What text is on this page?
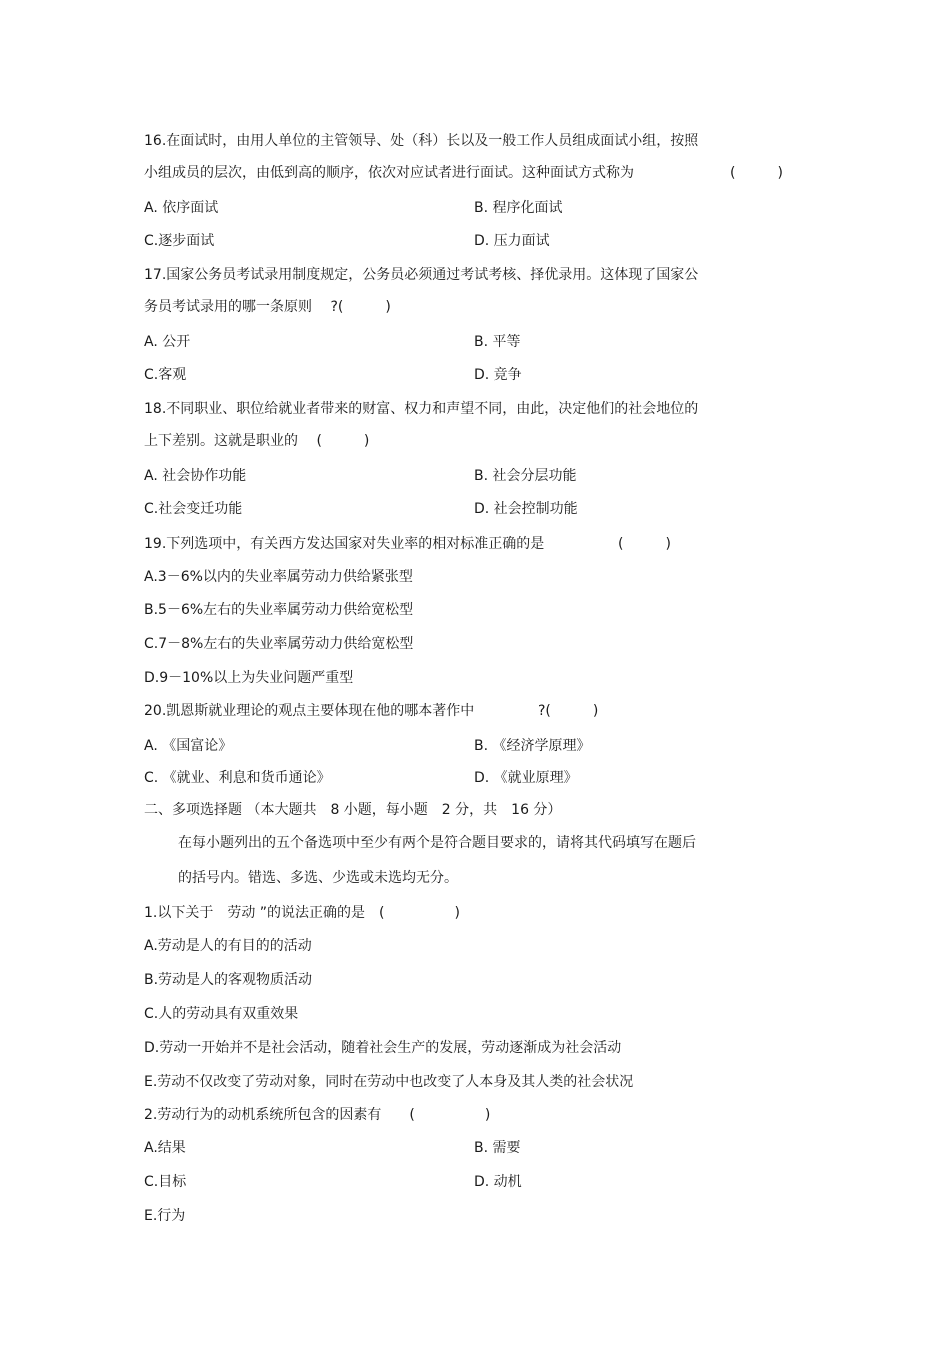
16.在面试时，由用人单位的主管领导、处（科）长以及一般工作人员组成面试小组，按照
小组成员的层次，由低到高的顺序，依次对应试者进行面试。这种面试方式称为	(　　　)
A. 依序面试	B. 程序化面试
C.逐步面试	D. 压力面试
17.国家公务员考试录用制度规定，公务员必须通过考试考核、择优录用。这体现了国家公
务员考试录用的哪一条原则　 ?(　　　)
A. 公开	B. 平等
C.客观	D. 竞争
18.不同职业、职位给就业者带来的财富、权力和声望不同，由此，决定他们的社会地位的
上下差别。这就是职业的　 (　　　)
A. 社会协作功能	B. 社会分层功能
C.社会变迁功能	D. 社会控制功能
19.下列选项中，有关西方发达国家对失业率的相对标准正确的是	(　　　)
A.3－6%以内的失业率属劳动力供给紧张型
B.5－6%左右的失业率属劳动力供给宽松型
C.7－8%左右的失业率属劳动力供给宽松型
D.9－10%以上为失业问题严重型
20.凯恩斯就业理论的观点主要体现在他的哪本著作中	?(　　　)
A. 《国富论》	B. 《经济学原理》
C. 《就业、利息和货币通论》	D. 《就业原理》
二、多项选择题 （本大题共　8 小题，每小题　2 分，共　16 分）
在每小题列出的五个备选项中至少有两个是符合题目要求的，请将其代码填写在题后
的括号内。错选、多选、少选或未选均无分。
1.以下关于　劳动 ”的说法正确的是　(　　　　　)
A.劳动是人的有目的的活动
B.劳动是人的客观物质活动
C.人的劳动具有双重效果
D.劳动一开始并不是社会活动，随着社会生产的发展，劳动逐渐成为社会活动
E.劳动不仅改变了劳动对象，同时在劳动中也改变了人本身及其人类的社会状况
2.劳动行为的动机系统所包含的因素有　　(　　　　　)
A.结果	B. 需要
C.目标	D. 动机
E.行为
